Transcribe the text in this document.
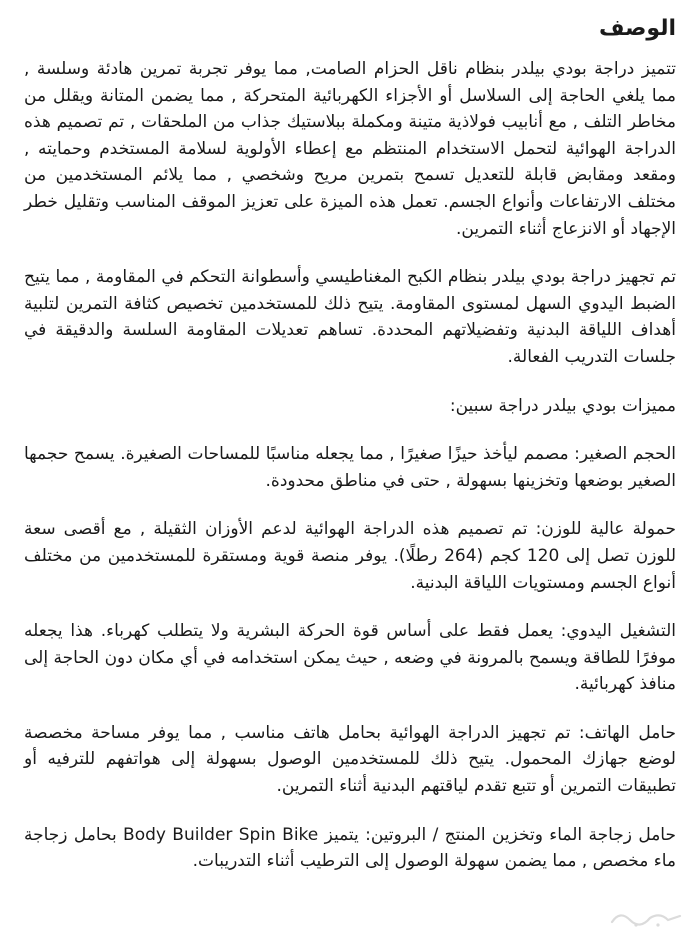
الوصف

تتميز دراجة بودي بيلدر بنظام ناقل الحزام الصامت, مما يوفر تجربة تمرين هادئة وسلسة , مما يلغي الحاجة إلى السلاسل أو الأجزاء الكهربائية المتحركة , مما يضمن المتانة ويقلل من مخاطر التلف , مع أنابيب فولاذية متينة ومكملة ببلاستيك جذاب من الملحقات , تم تصميم هذه الدراجة الهوائية لتحمل الاستخدام المنتظم مع إعطاء الأولوية لسلامة المستخدم وحمايته , ومقعد ومقابض قابلة للتعديل تسمح بتمرين مريح وشخصي , مما يلائم المستخدمين من مختلف الارتفاعات وأنواع الجسم. تعمل هذه الميزة على تعزيز الموقف المناسب وتقليل خطر الإجهاد أو الانزعاج أثناء التمرين.

تم تجهيز دراجة بودي بيلدر بنظام الكبح المغناطيسي وأسطوانة التحكم في المقاومة , مما يتيح الضبط اليدوي السهل لمستوى المقاومة. يتيح ذلك للمستخدمين تخصيص كثافة التمرين لتلبية أهداف اللياقة البدنية وتفضيلاتهم المحددة. تساهم تعديلات المقاومة السلسة والدقيقة في جلسات التدريب الفعالة.

مميزات بودي بيلدر دراجة سبين:

الحجم الصغير: مصمم ليأخذ حيزًا صغيرًا , مما يجعله مناسبًا للمساحات الصغيرة. يسمح حجمها الصغير بوضعها وتخزينها بسهولة , حتى في مناطق محدودة.

حمولة عالية للوزن: تم تصميم هذه الدراجة الهوائية لدعم الأوزان الثقيلة , مع أقصى سعة للوزن تصل إلى 120 كجم (264 رطلًا). يوفر منصة قوية ومستقرة للمستخدمين من مختلف أنواع الجسم ومستويات اللياقة البدنية.

التشغيل اليدوي: يعمل فقط على أساس قوة الحركة البشرية ولا يتطلب كهرباء. هذا يجعله موفرًا للطاقة ويسمح بالمرونة في وضعه , حيث يمكن استخدامه في أي مكان دون الحاجة إلى منافذ كهربائية.

حامل الهاتف: تم تجهيز الدراجة الهوائية بحامل هاتف مناسب , مما يوفر مساحة مخصصة لوضع جهازك المحمول. يتيح ذلك للمستخدمين الوصول بسهولة إلى هواتفهم للترفيه أو تطبيقات التمرين أو تتبع تقدم لياقتهم البدنية أثناء التمرين.

حامل زجاجة الماء وتخزين المنتج / البروتين: يتميز Body Builder Spin Bike بحامل زجاجة ماء مخصص , مما يضمن سهولة الوصول إلى الترطيب أثناء التدريبات.
